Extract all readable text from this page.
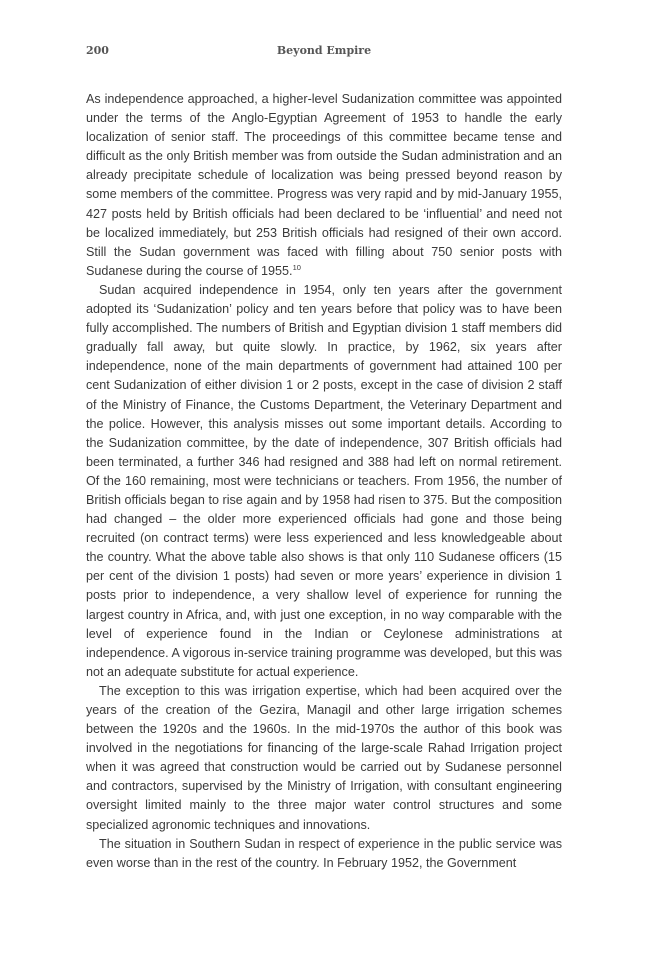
200	Beyond Empire

As independence approached, a higher-level Sudanization committee was appointed under the terms of the Anglo-Egyptian Agreement of 1953 to handle the early localization of senior staff. The proceedings of this committee became tense and difficult as the only British member was from outside the Sudan administration and an already precipitate schedule of localization was being pressed beyond reason by some members of the committee. Progress was very rapid and by mid-January 1955, 427 posts held by British officials had been declared to be ‘influential’ and need not be localized immediately, but 253 British officials had resigned of their own accord. Still the Sudan government was faced with filling about 750 senior posts with Sudanese during the course of 1955.10

Sudan acquired independence in 1954, only ten years after the government adopted its ‘Sudanization’ policy and ten years before that policy was to have been fully accomplished. The numbers of British and Egyptian division 1 staff members did gradually fall away, but quite slowly. In practice, by 1962, six years after independence, none of the main departments of government had attained 100 per cent Sudanization of either division 1 or 2 posts, except in the case of division 2 staff of the Ministry of Finance, the Customs Department, the Veterinary Department and the police. However, this analysis misses out some important details. According to the Sudanization committee, by the date of independence, 307 British officials had been terminated, a further 346 had resigned and 388 had left on normal retirement. Of the 160 remaining, most were technicians or teachers. From 1956, the number of British officials began to rise again and by 1958 had risen to 375. But the composition had changed – the older more experienced officials had gone and those being recruited (on contract terms) were less experienced and less knowledgeable about the country. What the above table also shows is that only 110 Sudanese officers (15 per cent of the division 1 posts) had seven or more years’ experience in division 1 posts prior to independence, a very shallow level of experience for running the largest country in Africa, and, with just one exception, in no way comparable with the level of experience found in the Indian or Ceylonese administrations at independence. A vigorous in-service training programme was developed, but this was not an adequate substitute for actual experience.

The exception to this was irrigation expertise, which had been acquired over the years of the creation of the Gezira, Managil and other large irrigation schemes between the 1920s and the 1960s. In the mid-1970s the author of this book was involved in the negotiations for financing of the large-scale Rahad Irrigation project when it was agreed that construction would be carried out by Sudanese personnel and contractors, supervised by the Ministry of Irrigation, with consultant engineering oversight limited mainly to the three major water control structures and some specialized agronomic techniques and innovations.

The situation in Southern Sudan in respect of experience in the public service was even worse than in the rest of the country. In February 1952, the Government
